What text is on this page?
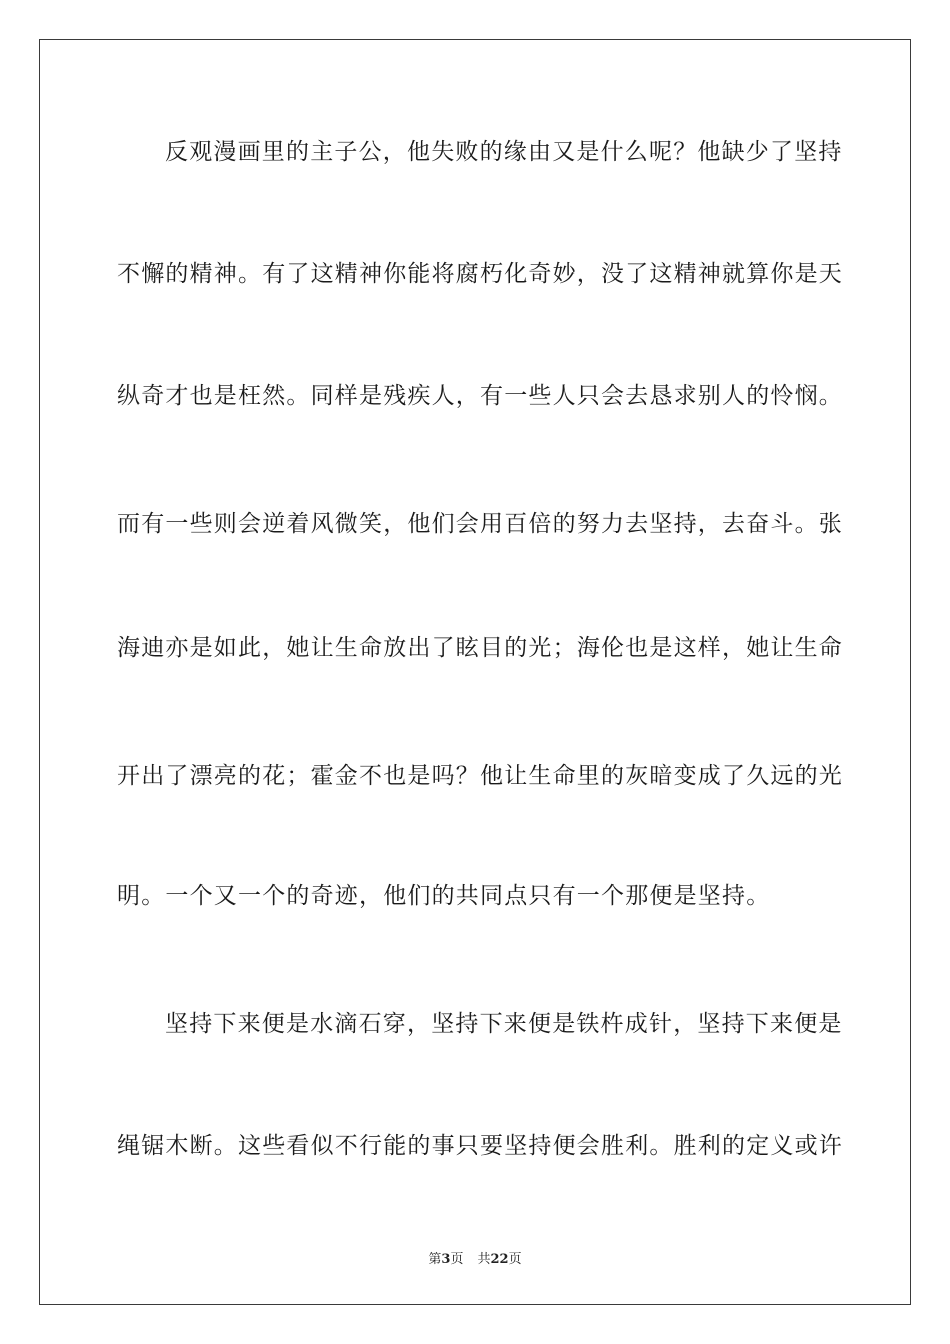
反观漫画里的主子公，他失败的缘由又是什么呢？他缺少了坚持
不懈的精神。有了这精神你能将腐朽化奇妙，没了这精神就算你是天
纵奇才也是枉然。同样是残疾人，有一些人只会去恳求别人的怜悯。
而有一些则会逆着风微笑，他们会用百倍的努力去坚持，去奋斗。张
海迪亦是如此，她让生命放出了眩目的光；海伦也是这样，她让生命
开出了漂亮的花；霍金不也是吗？他让生命里的灰暗变成了久远的光
明。一个又一个的奇迹，他们的共同点只有一个那便是坚持。
坚持下来便是水滴石穿，坚持下来便是铁杵成针，坚持下来便是
绳锯木断。这些看似不行能的事只要坚持便会胜利。胜利的定义或许
第3页 共22页
